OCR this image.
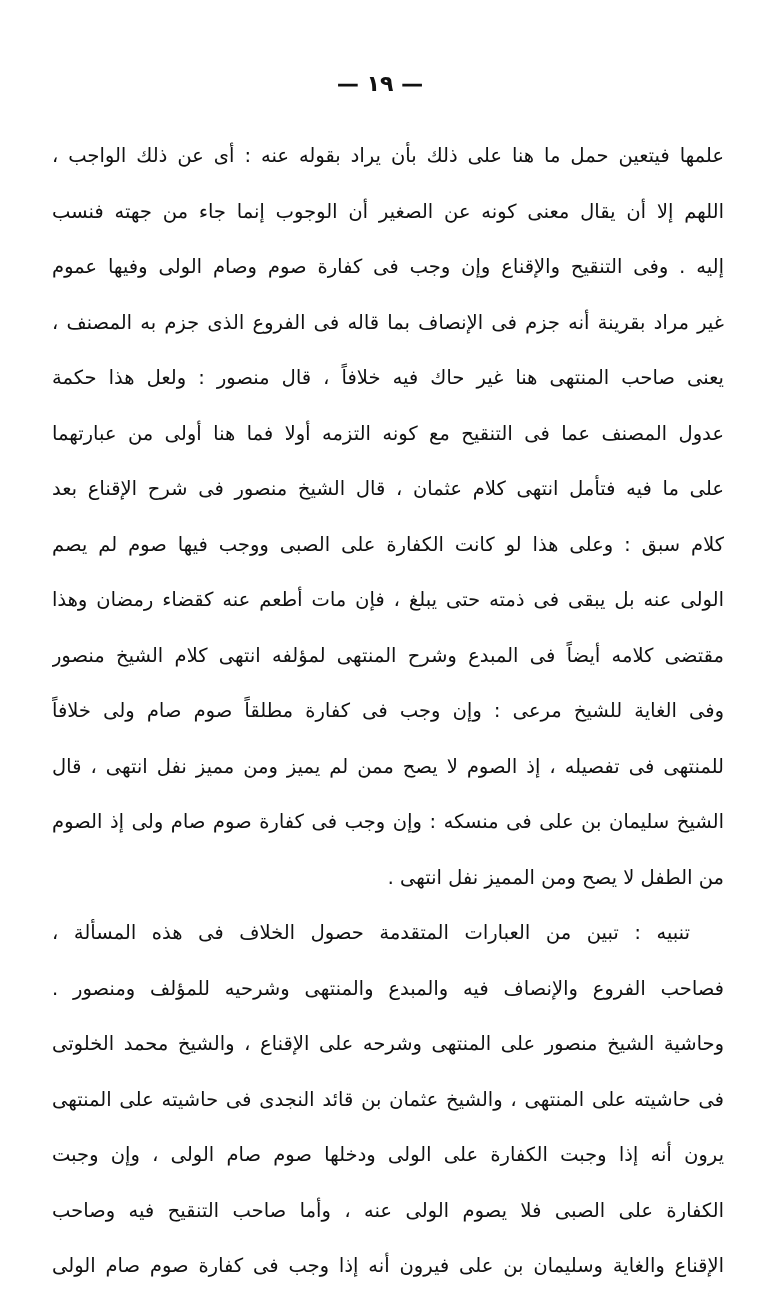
— ١٩ —
علمها فيتعين حمل ما هنا على ذلك بأن يراد بقوله عنه : أى عن ذلك الواجب ،
اللهم إلا أن يقال معنى كونه عن الصغير أن الوجوب إنما جاء من جهته فنسب
إليه . وفى التنقيح والإقناع وإن وجب فى كفارة صوم وصام الولى وفيها عموم
غير مراد بقرينة أنه جزم فى الإنصاف بما قاله فى الفروع الذى جزم به المصنف ،
يعنى صاحب المنتهى هنا غير حاك فيه خلافاً ، قال منصور : ولعل هذا حكمة
عدول المصنف عما فى التنقيح مع كونه التزمه أولا فما هنا أولى من عبارتهما
على ما فيه فتأمل انتهى كلام عثمان ، قال الشيخ منصور فى شرح الإقناع بعد
كلام سبق : وعلى هذا لو كانت الكفارة على الصبى ووجب فيها صوم لم يصم
الولى عنه بل يبقى فى ذمته حتى يبلغ ، فإن مات أطعم عنه كقضاء رمضان وهذا
مقتضى كلامه أيضاً فى المبدع وشرح المنتهى لمؤلفه انتهى كلام الشيخ منصور
وفى الغاية للشيخ مرعى : وإن وجب فى كفارة مطلقاً صوم صام ولى خلافاً
للمنتهى فى تفصيله ، إذ الصوم لا يصح ممن لم يميز ومن مميز نفل انتهى ، قال
الشيخ سليمان بن على فى منسكه : وإن وجب فى كفارة صوم صام ولى إذ الصوم
من الطفل لا يصح ومن المميز نفل انتهى .
تنبيه : تبين من العبارات المتقدمة حصول الخلاف فى هذه المسألة ،
فصاحب الفروع والإنصاف فيه والمبدع والمنتهى وشرحيه للمؤلف ومنصور .
وحاشية الشيخ منصور على المنتهى وشرحه على الإقناع ، والشيخ محمد الخلوتى
فى حاشيته على المنتهى ، والشيخ عثمان بن قائد النجدى فى حاشيته على المنتهى
يرون أنه إذا وجبت الكفارة على الولى ودخلها صوم صام الولى ، وإن وجبت
الكفارة على الصبى فلا يصوم الولى عنه ، وأما صاحب التنقيح فيه وصاحب
الإقناع والغاية وسليمان بن على فيرون أنه إذا وجب فى كفارة صوم صام الولى
